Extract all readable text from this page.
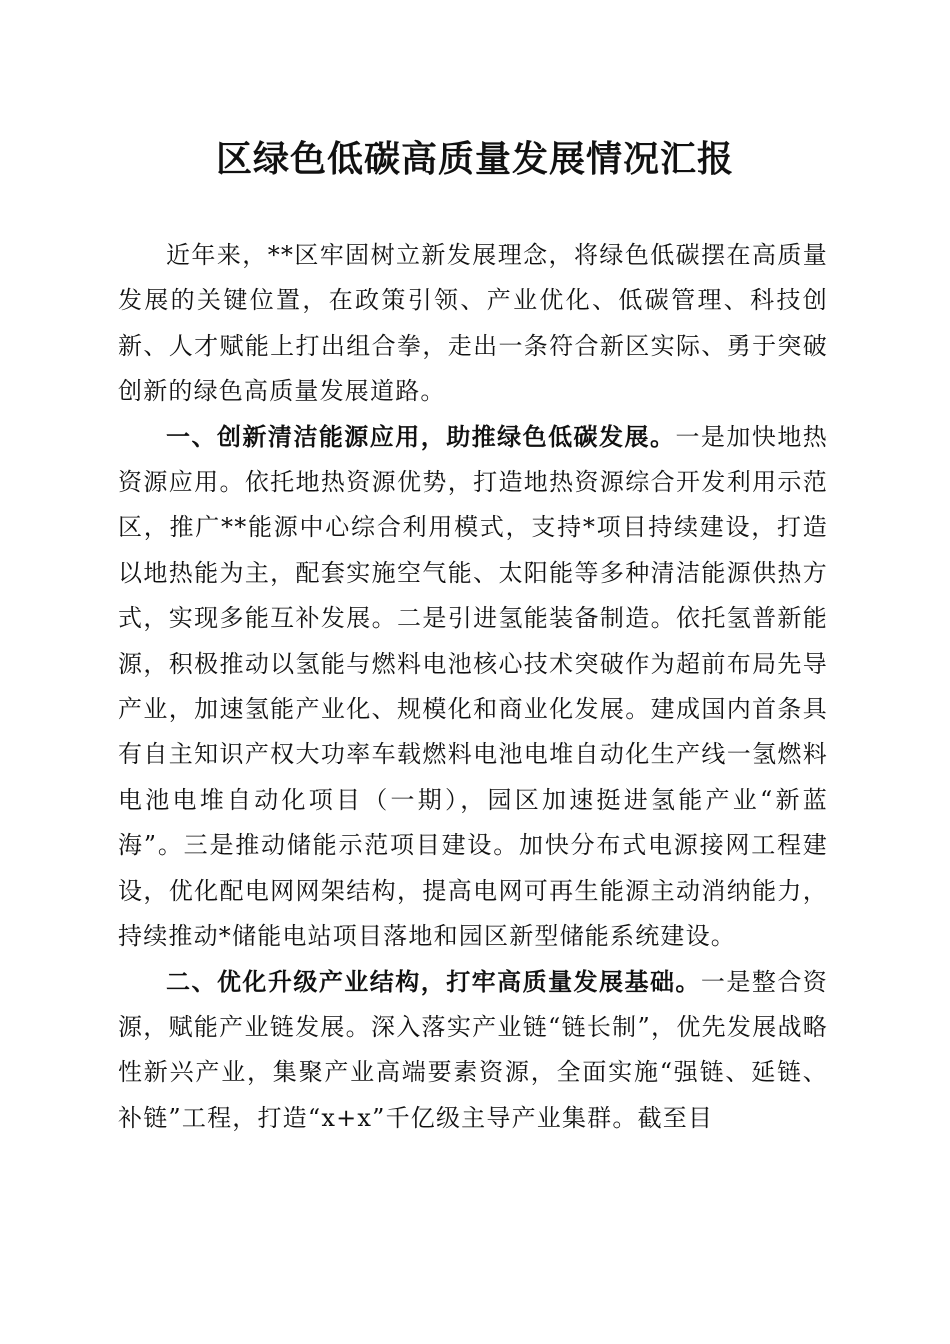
区绿色低碳高质量发展情况汇报

近年来，**区牢固树立新发展理念，将绿色低碳摆在高质量发展的关键位置，在政策引领、产业优化、低碳管理、科技创新、人才赋能上打出组合拳，走出一条符合新区实际、勇于突破创新的绿色高质量发展道路。

一、创新清洁能源应用，助推绿色低碳发展。一是加快地热资源应用。依托地热资源优势，打造地热资源综合开发利用示范区，推广**能源中心综合利用模式，支持*项目持续建设，打造以地热能为主，配套实施空气能、太阳能等多种清洁能源供热方式，实现多能互补发展。二是引进氢能装备制造。依托氢普新能源，积极推动以氢能与燃料电池核心技术突破作为超前布局先导产业，加速氢能产业化、规模化和商业化发展。建成国内首条具有自主知识产权大功率车载燃料电池电堆自动化生产线一氢燃料电池电堆自动化项目（一期），园区加速挺进氢能产业“新蓝海”。三是推动储能示范项目建设。加快分布式电源接网工程建设，优化配电网网架结构，提高电网可再生能源主动消纳能力，持续推动*储能电站项目落地和园区新型储能系统建设。

二、优化升级产业结构，打牢高质量发展基础。一是整合资源，赋能产业链发展。深入落实产业链“链长制”，优先发展战略性新兴产业，集聚产业高端要素资源，全面实施“强链、延链、补链”工程，打造“x+x”千亿级主导产业集群。截至目
